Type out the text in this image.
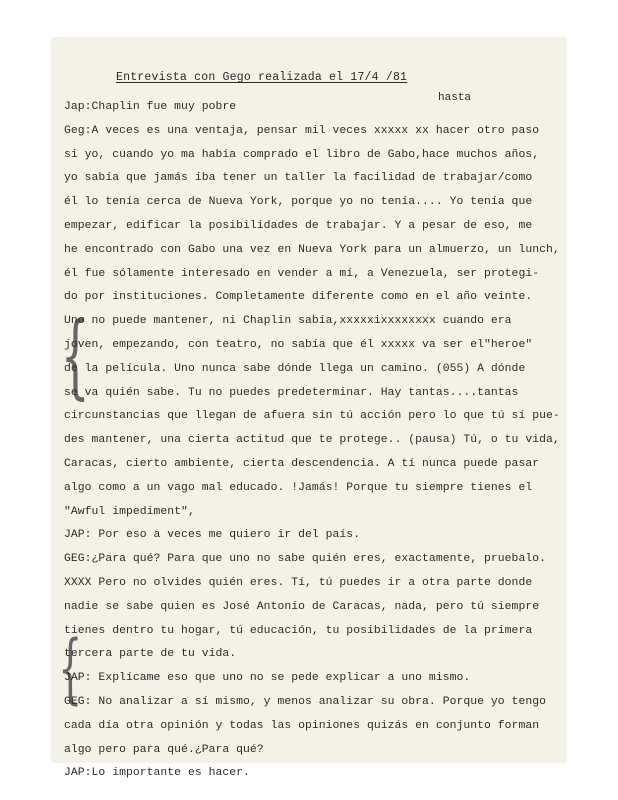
Entrevista con Gego realizada el 17/4 /81
hasta
{
{
Jap:Chaplin fue muy pobre
Geg:A veces es una ventaja, pensar mil veces xxxxx xx hacer otro paso
si yo, cuando yo ma había comprado el libro de Gabo,hace muchos años,
yo sabía que jamás iba tener un taller la facilidad de trabajar/como
él lo tenía cerca de Nueva York, porque yo no tenía.... Yo tenía que
empezar, edificar la posibilidades de trabajar. Y a pesar de eso, me
he encontrado con Gabo una vez en Nueva York para un almuerzo, un lunch,
él fue sólamente interesado en vender a mí, a Venezuela, ser protegi-
do por instituciones. Completamente diferente como en el año veinte.
Uno no puede mantener, ni Chaplin sabía,xxxxxixxxxxxxx cuando era
joven, empezando, con teatro, no sabía que él xxxxx va ser el"heroe"
de la película. Uno nunca sabe dónde llega un camino. (055) A dónde
se va quién sabe. Tu no puedes predeterminar. Hay tantas....tantas
circunstancias que llegan de afuera sin tú acción pero lo que tú sí pue-
des mantener, una cierta actitud que te protege.. (pausa) Tú, o tu vida,
Caracas, cierto ambiente, cierta descendencia. A tí nunca puede pasar
algo como a un vago mal educado. !Jamás! Porque tu siempre tienes el
"Awful impediment",
JAP: Por eso a veces me quiero ir del país.
GEG:¿Para qué? Para que uno no sabe quién eres, exactamente, pruebalo.
XXXX Pero no olvides quién eres. Tí, tú puedes ir a otra parte donde
nadie se sabe quien es José Antonio de Caracas, nada, pero tú siempre
tienes dentro tu hogar, tú educación, tu posibilidades de la primera
tercera parte de tu vida.
JAP: Explícame eso que uno no se pede explicar a uno mismo.
GEG: No analizar a sí mismo, y menos analizar su obra. Porque yo tengo
cada día otra opinión y todas las opiniones quizás en conjunto forman
algo pero para qué.¿Para qué?
JAP:Lo importante es hacer.
